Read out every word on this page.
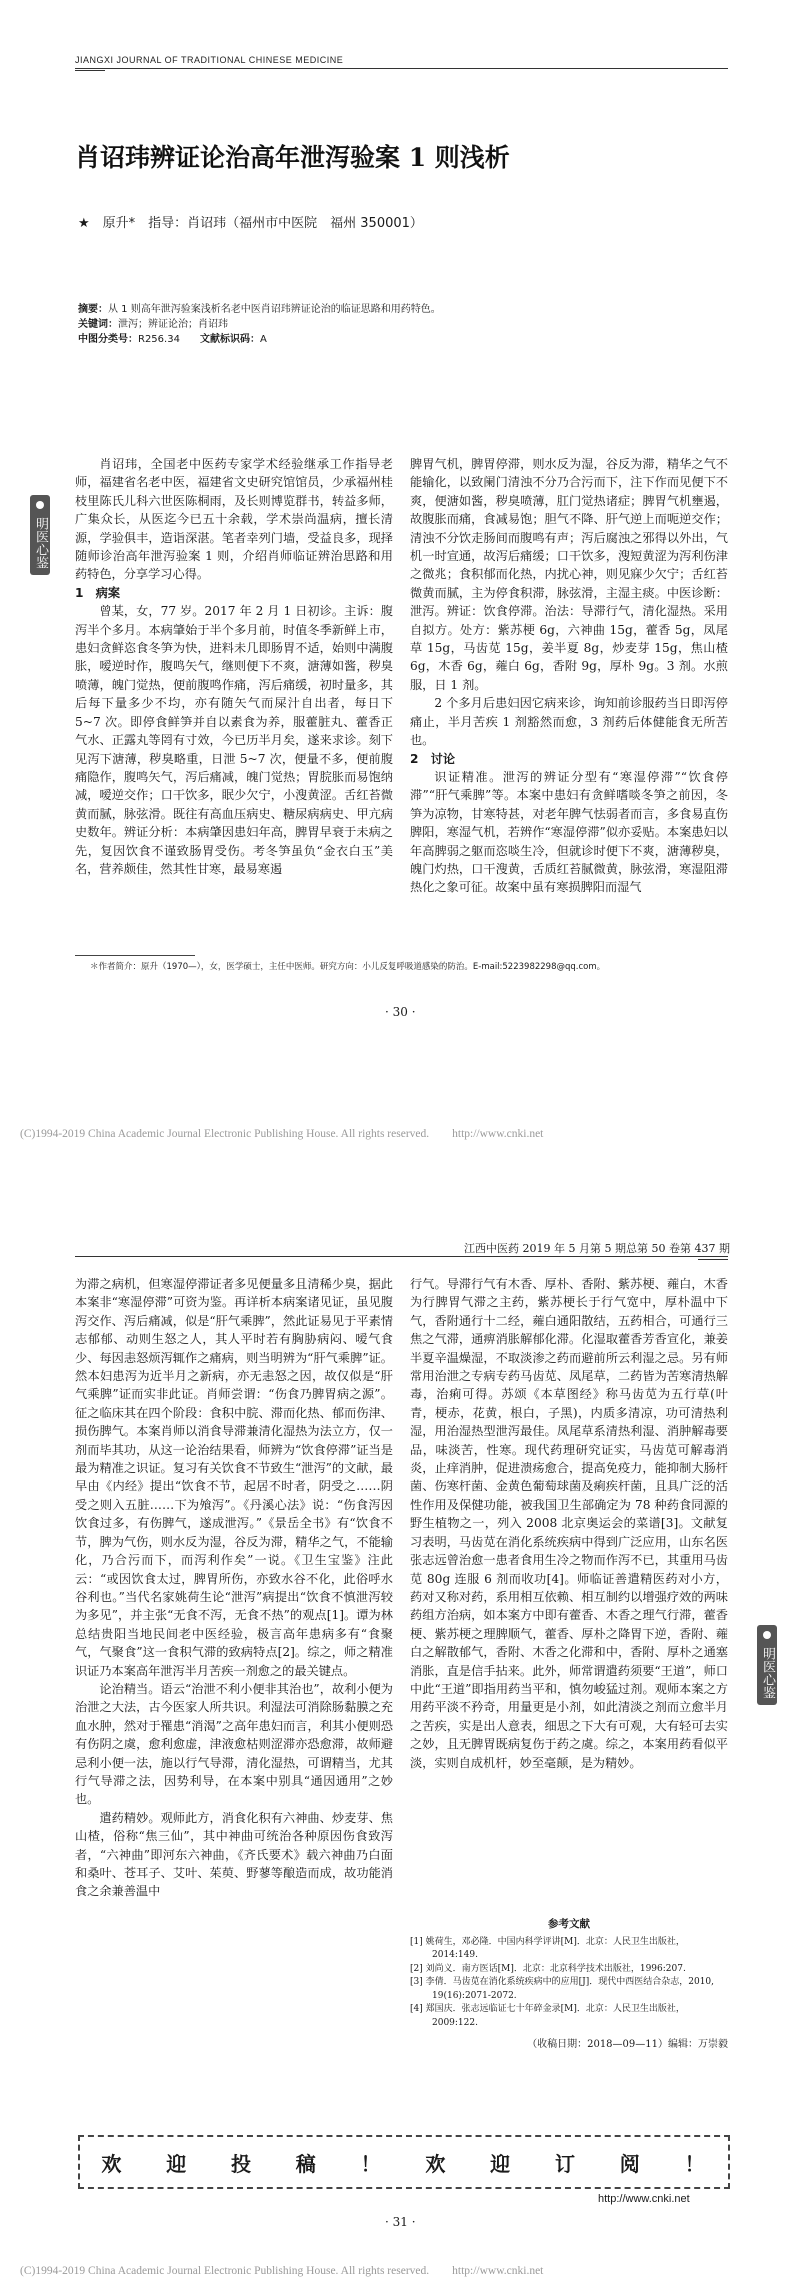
JIANGXI JOURNAL OF TRADITIONAL CHINESE MEDICINE
肖诏玮辨证论治高年泄泻验案 1 则浅析
★　原升*　指导：肖诏玮（福州市中医院　福州 350001）
摘要：从 1 则高年泄泻验案浅析名老中医肖诏玮辨证论治的临证思路和用药特色。
关键词：泄泻；辨证论治；肖诏玮
中图分类号：R256.34　　 文献标识码：A
明医心鉴

肖诏玮，全国老中医药专家学术经验继承工作指导老师，福建省名老中医，福建省文史研究馆馆员，少承福州桂枝里陈氏儿科六世医陈桐雨，及长则博览群书，转益多师，广集众长，从医迄今已五十余载，学术崇尚温病，擅长清源，学验俱丰，造诣深湛。笔者幸列门墙，受益良多，现择随师诊治高年泄泻验案 1 则，介绍肖师临证辨治思路和用药特色，分享学习心得。

1　病案

曾某，女，77 岁。2017 年 2 月 1 日初诊。主诉：腹泻半个多月。本病肇始于半个多月前，时值冬季新鲜上市，患妇贪鲜恣食冬笋为快，进料未几即肠胃不适，始则中满腹胀，嗳逆时作，腹鸣矢气，继则便下不爽，溏薄如酱，秽臭喷薄，魄门觉热，便前腹鸣作痛，泻后痛缓，初时量多，其后每下量多少不均，亦有随矢气而屎汁自出者，每日下 5~7 次。即停食鲜笋并自以素食为养，服藿脏丸、藿香正气水、正露丸等罔有寸效，今已历半月矣，遂来求诊。刻下见泻下溏薄，秽臭略重，日泄 5~7 次，便量不多，便前腹痛隐作，腹鸣矢气，泻后痛减，魄门觉热；胃脘胀而易饱纳减，嗳逆交作；口干饮多，眠少欠宁，小溲黄涩。舌红苔微黄而腻，脉弦滑。既往有高血压病史、糖尿病病史、甲亢病史数年。辨证分析：本病肇因患妇年高，脾胃早衰于未病之先，复因饮食不谨致肠胃受伤。考冬笋虽负“金衣白玉”美名，营养颇佳，然其性甘寒，最易寒遏

脾胃气机，脾胃停滞，则水反为湿，谷反为滞，精华之气不能输化，以致阑门清浊不分乃合污而下，注下作而见便下不爽，便溏如酱，秽臭喷薄，肛门觉热诸症；脾胃气机壅遏，故腹胀而痛，食减易饱；胆气不降、肝气逆上而呃逆交作；清浊不分饮走肠间而腹鸣有声；泻后腐浊之邪得以外出，气机一时宣通，故泻后痛缓；口干饮多，溲短黄涩为泻利伤津之微兆；食积郁而化热，内扰心神，则见寐少欠宁；舌红苔微黄而腻，主为停食积滞，脉弦滑，主湿主痰。中医诊断：泄泻。辨证：饮食停滞。治法：导滞行气，清化湿热。采用自拟方。处方：紫苏梗 6g，六神曲 15g，藿香 5g，凤尾草 15g，马齿苋 15g，姜半夏 8g，炒麦芽 15g，焦山楂 6g，木香 6g，蕹白 6g，香附 9g，厚朴 9g。3 剂。水煎服，日 1 剂。

2 个多月后患妇因它病来诊，询知前诊服药当日即泻停痛止，半月苦疾 1 剂豁然而愈，3 剂药后体健能食无所苦也。

2　讨论

识证精准。泄泻的辨证分型有“寒湿停滞”“饮食停滞”“肝气乘脾”等。本案中患妇有贪鲜嗜啖冬笋之前因，冬笋为凉物，甘寒特甚，对老年脾气怯弱者而言，多食易直伤脾阳，寒湿气机，若辨作“寒湿停滞”似亦妥贴。本案患妇以年高脾弱之躯而恣啖生冷，但就诊时便下不爽，溏薄秽臭，魄门灼热，口干溲黄，舌质红苔腻微黄，脉弦滑，寒湿阻滞热化之象可征。故案中虽有寒损脾阳而湿气

＊作者简介：原升（1970—），女，医学硕士，主任中医师。研究方向：小儿反复呼吸道感染的防治。E-mail:5223982298@qq.com。
· 30 ·
(C)1994-2019 China Academic Journal Electronic Publishing House. All rights reserved.　　http://www.cnki.net
江西中医药 2019 年 5 月第 5 期总第 50 卷第 437 期

为滞之病机，但寒湿停滞证者多见便量多且清稀少臭，据此本案非“寒湿停滞”可资为鉴。再详析本病案诸见证，虽见腹泻交作、泻后痛减，似是“肝气乘脾”，然此证易见于平素情志郁郁、动则生怒之人，其人平时若有胸胁病闷、嗳气食少、每因恚怒烦泻辄作之痛病，则当明辨为“肝气乘脾”证。然本妇患泻为近半月之新病，亦无恚怒之因，故仅似是“肝气乘脾”证而实非此证。肖师尝谓：“伤食乃脾胃病之源”。征之临床其在四个阶段：食积中脘、滞而化热、郁而伤津、损伤脾气。本案肖师以消食导滞兼清化湿热为法立方，仅一剂而毕其功，从这一论治结果看，师辨为“饮食停滞”证当是最为精准之识证。复习有关饮食不节致生“泄泻”的文献，最早由《内经》提出“饮食不节，起居不时者，阴受之……阴受之则入五脏……下为飧泻”。《丹溪心法》说：“伤食泻因饮食过多，有伤脾气，遂成泄泻。”《景岳全书》有“饮食不节，脾为气伤，则水反为湿，谷反为滞，精华之气，不能输化，乃合污而下，而泻利作矣”一说。《卫生宝鉴》注此云：“或因饮食太过，脾胃所伤，亦致水谷不化，此俗呼水谷利也。”当代名家姚荷生论“泄泻”病提出“饮食不慎泄泻较为多见”，并主张“无食不泻，无食不热”的观点[1]。谭为林总结贵阳当地民间老中医经验，极言高年患病多有“食聚气，气聚食”这一食积气滞的致病特点[2]。综之，师之精准识证乃本案高年泄泻半月苦疾一剂愈之的最关键点。

论治精当。语云“治泄不利小便非其治也”，故利小便为治泄之大法，古今医家人所共识。利湿法可消除肠黏膜之充血水肿，然对于罹患“消渴”之高年患妇而言，利其小便则恐有伤阴之虞，愈利愈虚，津液愈枯则涩滞亦恐愈滞，故师避忌利小便一法，施以行气导滞，清化湿热，可谓精当，尤其行气导滞之法，因势利导，在本案中别具“通因通用”之妙也。

遣药精妙。观师此方，消食化积有六神曲、炒麦芽、焦山楂，俗称“焦三仙”，其中神曲可统治各种原因伤食致泻者，“六神曲”即河东六神曲，《齐氏要术》载六神曲乃白面和桑叶、苍耳子、艾叶、茱萸、野蓼等酿造而成，故功能消食之余兼善温中

行气。导滞行气有木香、厚朴、香附、紫苏梗、蕹白，木香为行脾胃气滞之主药，紫苏梗长于行气宽中，厚朴温中下气，香附通行十二经，蕹白通阳散结，五药相合，可通行三焦之气滞，通痹消胀解郁化滞。化湿取藿香芳香宣化，兼姜半夏辛温燥湿，不取淡渗之药而避前所云利湿之忌。另有师常用治泄之专病专药马齿苋、凤尾草，二药皆为苦寒清热解毒，治痢可得。苏颂《本草图经》称马齿苋为五行草(叶青，梗赤，花黄，根白，子黑)，内质多清凉，功可清热利湿，用治湿热型泄泻最佳。凤尾草系清热利湿、消肿解毒要品，味淡苦，性寒。现代药理研究证实，马齿苋可解毒消炎，止痒消肿，促进溃疡愈合，提高免疫力，能抑制大肠杆菌、伤寒杆菌、金黄色葡萄球菌及痢疾杆菌，且具广泛的活性作用及保健功能，被我国卫生部确定为 78 种药食同源的野生植物之一，列入 2008 北京奥运会的菜谱[3]。文献复习表明，马齿苋在消化系统疾病中得到广泛应用，山东名医张志远曾治愈一患者食用生冷之物而作泻不已，其重用马齿苋 80g 连服 6 剂而收功[4]。师临证善遣精医药对小方，药对又称对药，系用相互依赖、相互制约以增强疗效的两味药组方治病，如本案方中即有藿香、木香之理气行滞，藿香梗、紫苏梗之理脾顺气，藿香、厚朴之降胃下逆，香附、蕹白之解散郁气，香附、木香之化滞和中，香附、厚朴之通塞消胀，直是信手拈来。此外，师常谓遣药须要“王道”，师口中此“王道”即指用药当平和，慎勿峻猛过剂。观师本案之方用药平淡不矜奇，用量更是小剂，如此清淡之剂而立愈半月之苦疾，实是出人意表，细思之下大有可观，大有轻可去实之妙，且无脾胃既病复伤于药之虞。综之，本案用药看似平淡，实则自成机杆，妙至毫颠，是为精妙。

明医心鉴
参考文献
[1] 姚荷生，邓必隆．中国内科学评讲[M]．北京：人民卫生出版社，2014:149.
[2] 刘尚义．南方医话[M]．北京：北京科学技术出版社，1996:207.
[3] 李倩．马齿苋在消化系统疾病中的应用[J]．现代中西医结合杂志，2010, 19(16):2071-2072.
[4] 郑国庆．张志远临证七十年碎金录[M]．北京：人民卫生出版社，2009:122.
（收稿日期：2018—09—11）编辑：万崇毅
欢 迎 投 稿 ！ 欢 迎 订 阅 ！
http://www.cnki.net
· 31 ·
(C)1994-2019 China Academic Journal Electronic Publishing House. All rights reserved.　　http://www.cnki.net
